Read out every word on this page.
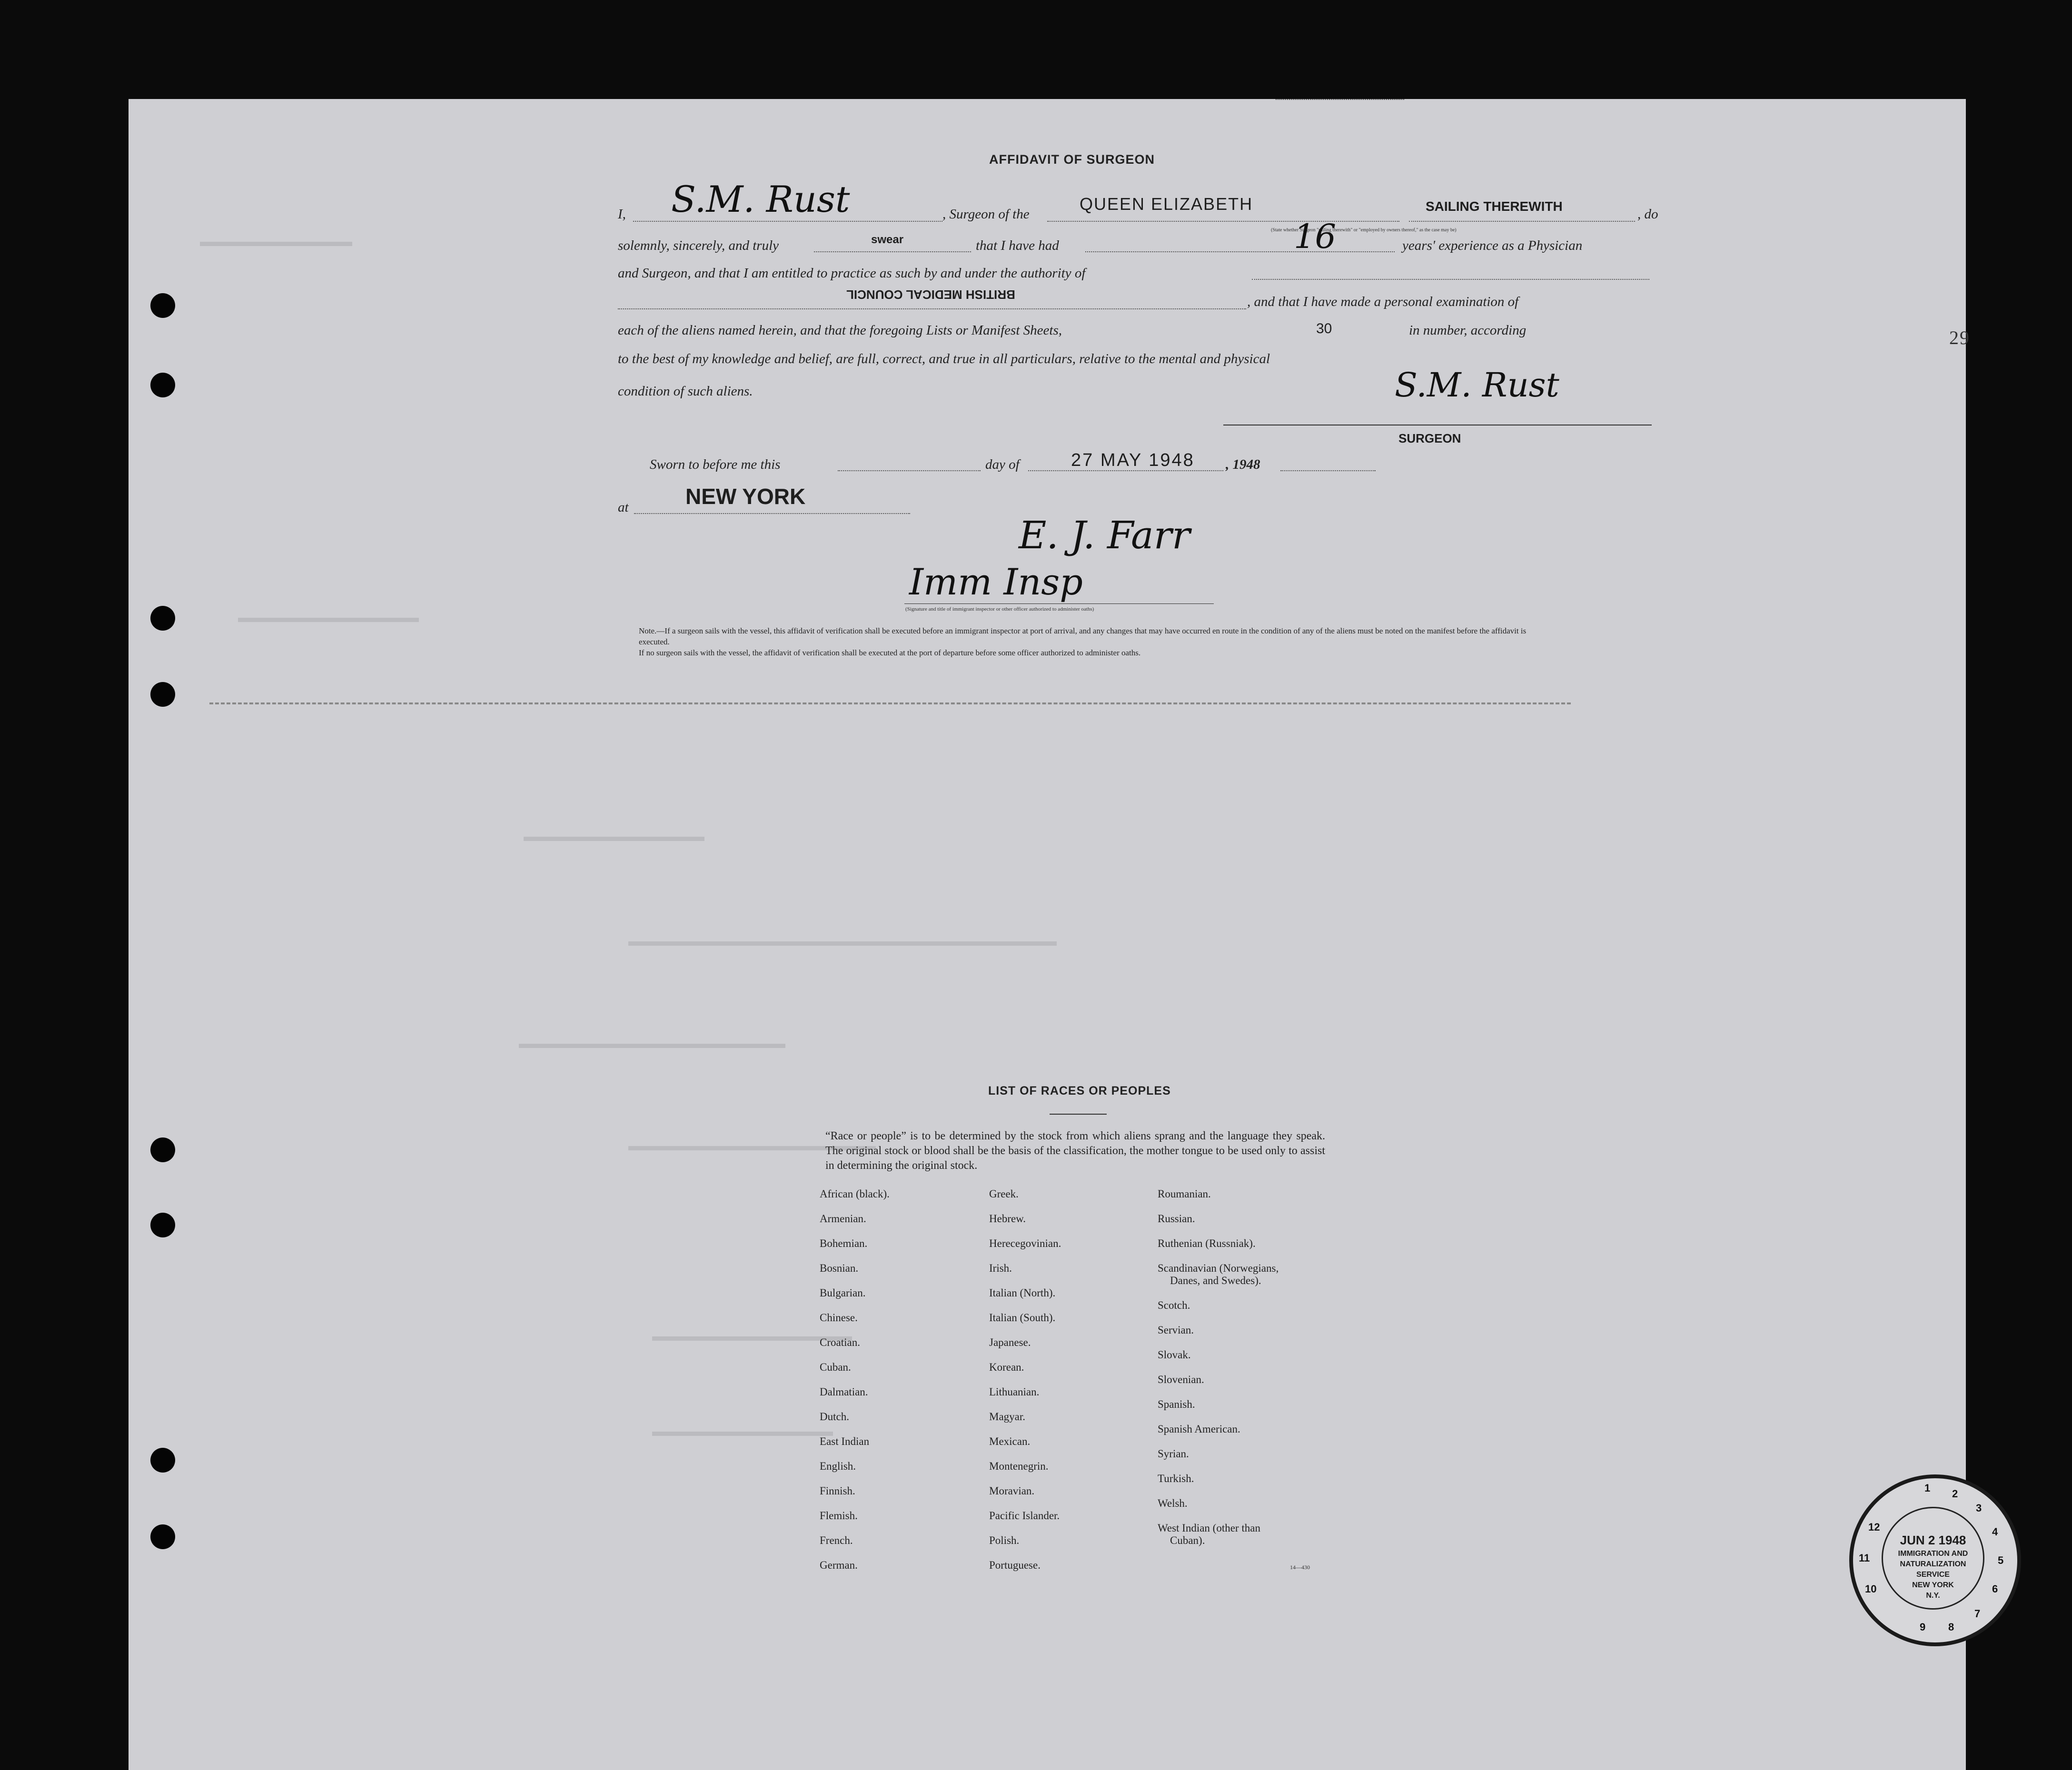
29
AFFIDAVIT OF SURGEON
I, S.M. Rust	, Surgeon of the
QUEEN ELIZABETH	SAILING THEREWITH
, do
(State whether Surgeon "sailing therewith" or "employed by owners thereof," as the case may be)
solemnly, sincerely, and truly	swear	that I have had	16	years' experience as a Physician
and Surgeon, and that I am entitled to practice as such by and under the authority of
BRITISH MEDICAL COUNCIL	, and that I have made a personal examination of
each of the aliens named herein, and that the foregoing Lists or Manifest Sheets,	30	in number, according
to the best of my knowledge and belief, are full, correct, and true in all particulars, relative to the mental and physical
condition of such aliens.	S.M. Rust
SURGEON
Sworn to before me this	day of	27 MAY 1948 , 1948
at	NEW YORK
E. J. Farr
Imm Insp
(Signature and title of immigrant inspector or other officer authorized to administer oaths)
Note.—If a surgeon sails with the vessel, this affidavit of verification shall be executed before an immigrant inspector at port of arrival, and any changes that may have occurred en route in the condition of any of the aliens must be noted on the manifest before the affidavit is executed.
If no surgeon sails with the vessel, the affidavit of verification shall be executed at the port of departure before some officer authorized to administer oaths.
LIST OF RACES OR PEOPLES
“Race or people” is to be determined by the stock from which aliens sprang and the language they speak. The original stock or blood shall be the basis of the classification, the mother tongue to be used only to assist in determining the original stock.
African (black).
Armenian.
Bohemian.
Bosnian.
Bulgarian.
Chinese.
Croatian.
Cuban.
Dalmatian.
Dutch.
East Indian
English.
Finnish.
Flemish.
French.
German.
Greek.
Hebrew.
Herecegovinian.
Irish.
Italian (North).
Italian (South).
Japanese.
Korean.
Lithuanian.
Magyar.
Mexican.
Montenegrin.
Moravian.
Pacific Islander.
Polish.
Portuguese.
Roumanian.
Russian.
Ruthenian (Russniak).
Scandinavian (Norwegians,
Danes, and Swedes).
Scotch.
Servian.
Slovak.
Slovenian.
Spanish.
Spanish American.
Syrian.
Turkish.
Welsh.
West Indian (other than
Cuban).
14—430
1 2
3
4
5
6
7
8
9
10
11
12
JUN 2 1948
IMMIGRATION AND
NATURALIZATION
SERVICE
NEW YORK
N.Y.
